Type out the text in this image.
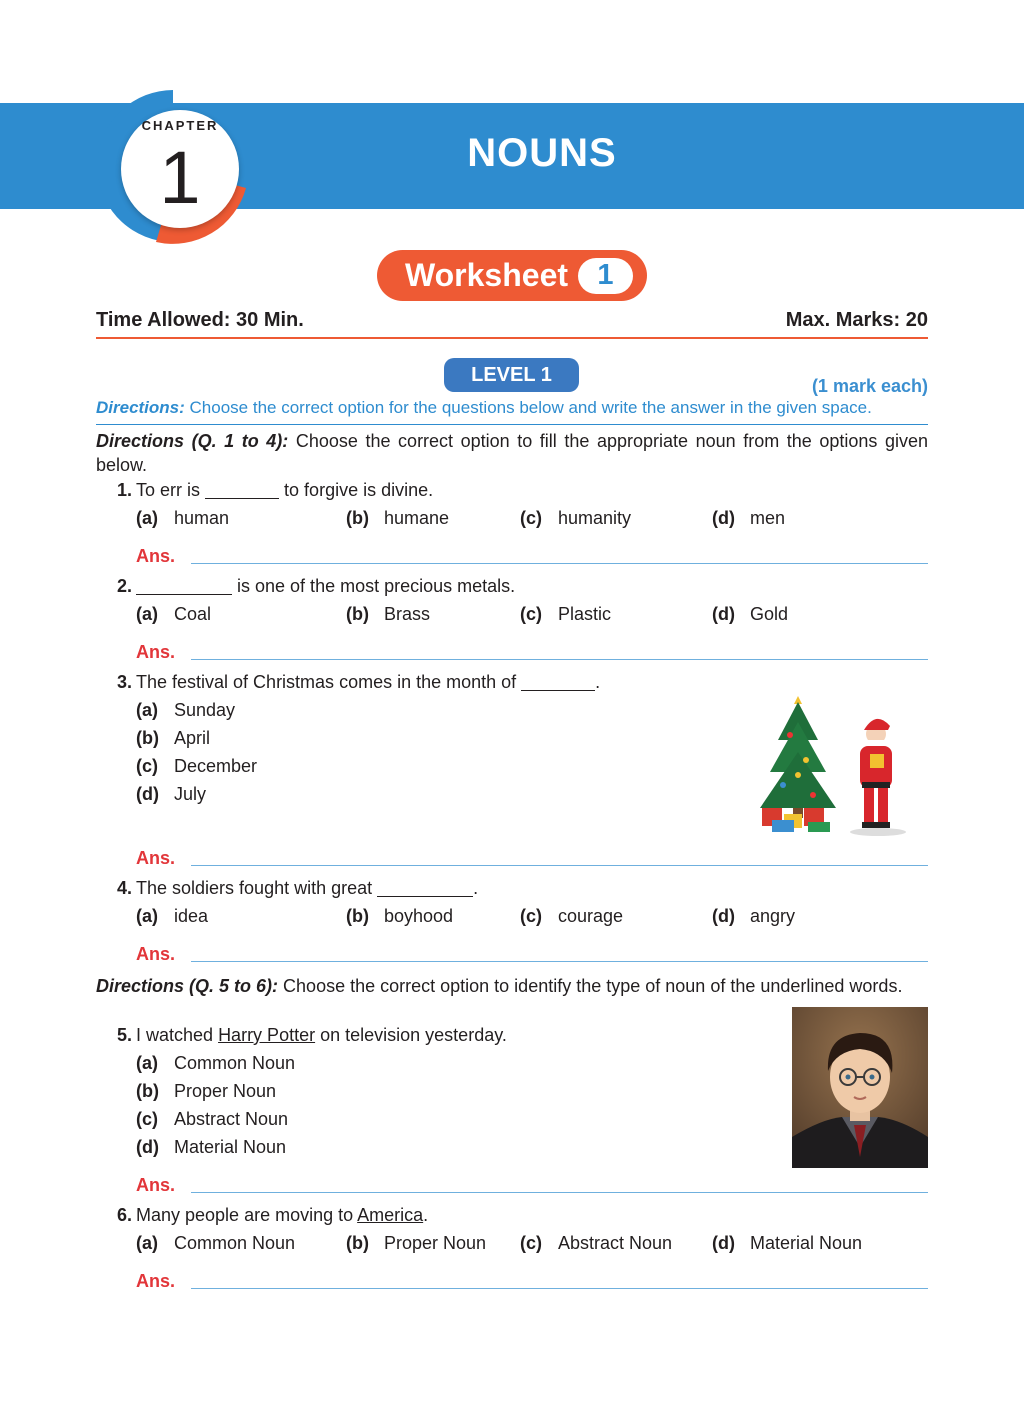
NOUNS
CHAPTER
1
Worksheet	1
Time Allowed: 30 Min.	Max. Marks: 20
LEVEL 1	(1 mark each)
Directions: Choose the correct option for the questions below and write the answer in the given space.
Directions (Q. 1 to 4): Choose the correct option to fill the appropriate noun from the options given below.
1. To err is	to forgive is divine.
(a) human	(b) humane	(c) humanity	(d) men
Ans.
2.	is one of the most precious metals.
(a) Coal	(b) Brass	(c) Plastic	(d) Gold
Ans.
3. The festival of Christmas comes in the month of	.
(a) Sunday
(b) April
(c) December
(d) July
Ans.
4. The soldiers fought with great	.
(a) idea	(b) boyhood	(c) courage	(d) angry
Ans.
Directions (Q. 5 to 6): Choose the correct option to identify the type of noun of the underlined words.
5. I watched Harry Potter on television yesterday.
(a) Common Noun
(b) Proper Noun
(c) Abstract Noun
(d) Material Noun
Ans.
6. Many people are moving to America.
(a) Common Noun	(b) Proper Noun (c) Abstract Noun (d) Material Noun
Ans.
